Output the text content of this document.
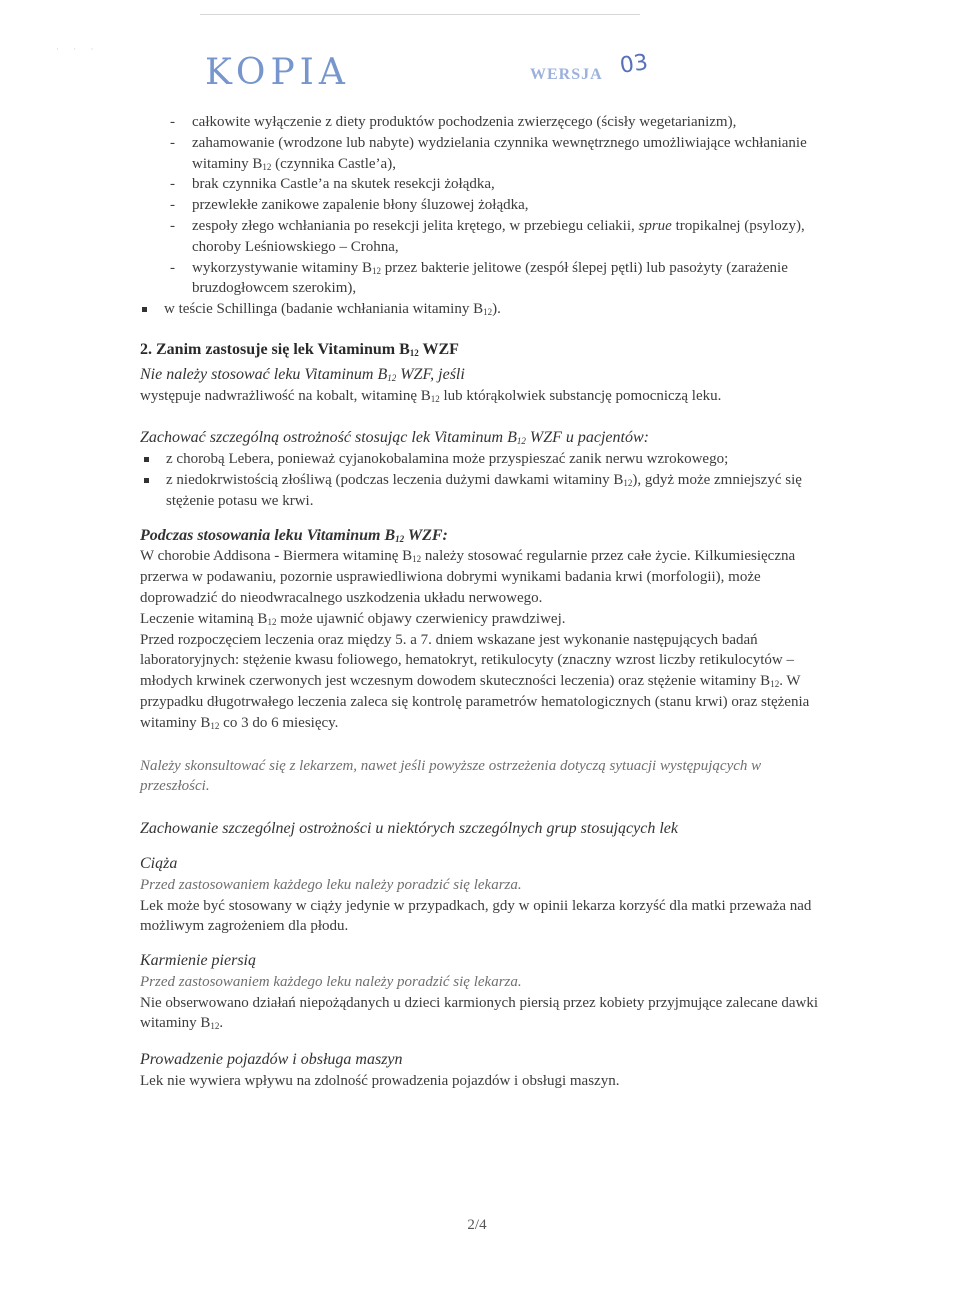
· · ·
KOPIA	WERSJA 03
- całkowite wyłączenie z diety produktów pochodzenia zwierzęcego (ścisły wegetarianizm),
- zahamowanie (wrodzone lub nabyte) wydzielania czynnika wewnętrznego umożliwiające wchłanianie witaminy $B_{12}$ (czynnika Castle’a),
- brak czynnika Castle’a na skutek resekcji żołądka,
- przewlekłe zanikowe zapalenie błony śluzowej żołądka,
- zespoły złego wchłaniania po resekcji jelita krętego, w przebiegu celiakii, sprue tropikalnej (psylozy), choroby Leśniowskiego – Crohna,
- wykorzystywanie witaminy $B_{12}$ przez bakterie jelitowe (zespół ślepej pętli) lub pasożyty (zarażenie bruzdogłowcem szerokim),
w teście Schillinga (badanie wchłaniania witaminy $B_{12}$).
2. Zanim zastosuje się lek Vitaminum $B_{12}$ WZF
Nie należy stosować leku Vitaminum $B_{12}$ WZF, jeśli

występuje nadwrażliwość na kobalt, witaminę $B_{12}$ lub którąkolwiek substancję pomocniczą leku.

Zachować szczególną ostrożność stosując lek Vitaminum $B_{12}$ WZF u pacjentów:
z chorobą Lebera, ponieważ cyjanokobalamina może przyspieszać zanik nerwu wzrokowego;
z niedokrwistością złośliwą (podczas leczenia dużymi dawkami witaminy $B_{12}$), gdyż może zmniejszyć się stężenie potasu we krwi.
Podczas stosowania leku Vitaminum $B_{12}$ WZF:

W chorobie Addisona - Biermera witaminę $B_{12}$ należy stosować regularnie przez całe życie. Kilkumiesięczna przerwa w podawaniu, pozornie usprawiedliwiona dobrymi wynikami badania krwi (morfologii), może doprowadzić do nieodwracalnego uszkodzenia układu nerwowego.

Leczenie witaminą $B_{12}$ może ujawnić objawy czerwienicy prawdziwej.

Przed rozpoczęciem leczenia oraz między 5. a 7. dniem wskazane jest wykonanie następujących badań laboratoryjnych: stężenie kwasu foliowego, hematokryt, retikulocyty (znaczny wzrost liczby retikulocytów – młodych krwinek czerwonych jest wczesnym dowodem skuteczności leczenia) oraz stężenie witaminy $B_{12}$. W przypadku długotrwałego leczenia zaleca się kontrolę parametrów hematologicznych (stanu krwi) oraz stężenia witaminy $B_{12}$ co 3 do 6 miesięcy.

Należy skonsultować się z lekarzem, nawet jeśli powyższe ostrzeżenia dotyczą sytuacji występujących w przeszłości.

Zachowanie szczególnej ostrożności u niektórych szczególnych grup stosujących lek
Ciąża

Przed zastosowaniem każdego leku należy poradzić się lekarza.

Lek może być stosowany w ciąży jedynie w przypadkach, gdy w opinii lekarza korzyść dla matki przeważa nad możliwym zagrożeniem dla płodu.

Karmienie piersią

Przed zastosowaniem każdego leku należy poradzić się lekarza.

Nie obserwowano działań niepożądanych u dzieci karmionych piersią przez kobiety przyjmujące zalecane dawki witaminy $B_{12}$.

Prowadzenie pojazdów i obsługa maszyn

Lek nie wywiera wpływu na zdolność prowadzenia pojazdów i obsługi maszyn.

2/4
